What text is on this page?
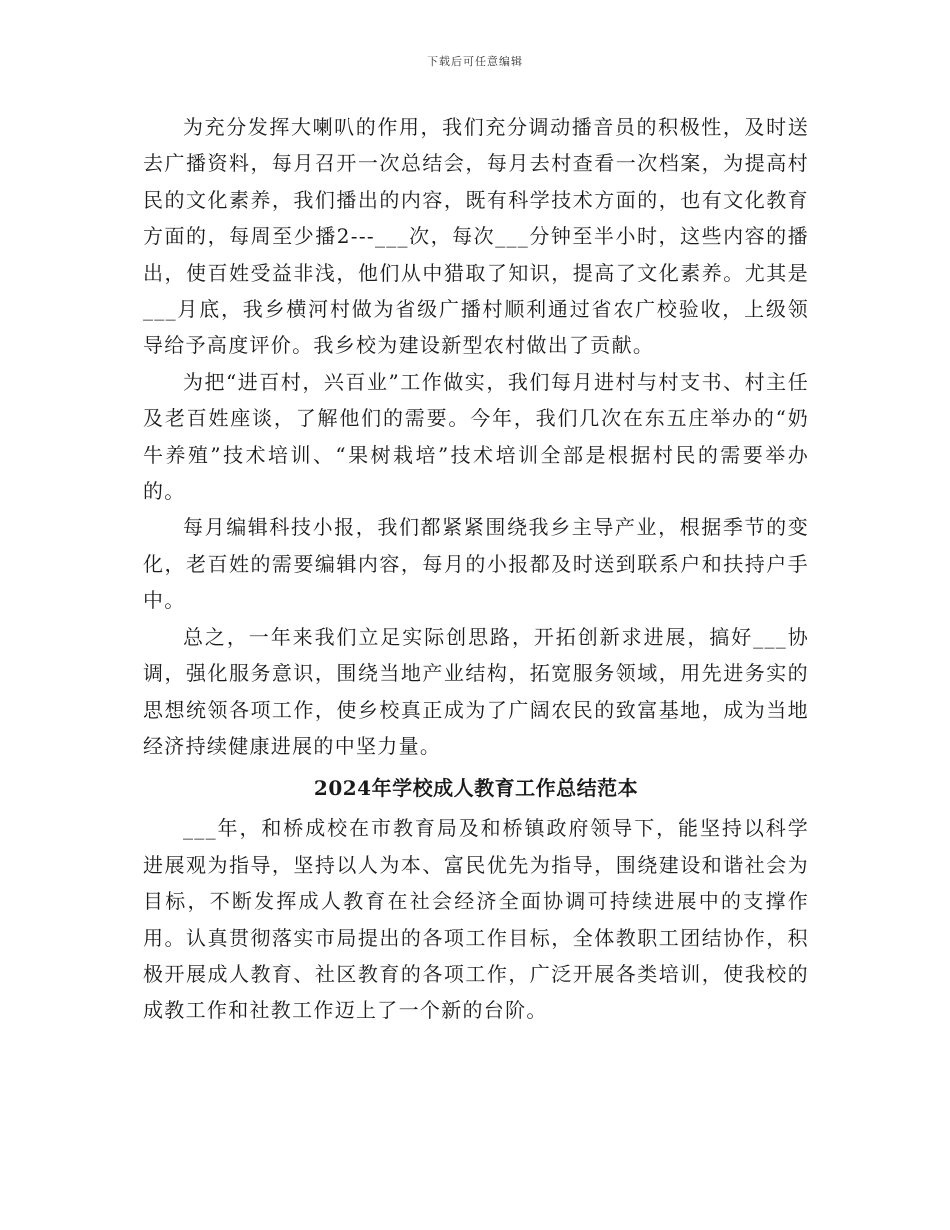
下载后可任意编辑

为充分发挥大喇叭的作用，我们充分调动播音员的积极性，及时送去广播资料，每月召开一次总结会，每月去村查看一次档案，为提高村民的文化素养，我们播出的内容，既有科学技术方面的，也有文化教育方面的，每周至少播2---___次，每次___分钟至半小时，这些内容的播出，使百姓受益非浅，他们从中猎取了知识，提高了文化素养。尤其是___月底，我乡横河村做为省级广播村顺利通过省农广校验收，上级领导给予高度评价。我乡校为建设新型农村做出了贡献。

为把“进百村，兴百业”工作做实，我们每月进村与村支书、村主任及老百姓座谈，了解他们的需要。今年，我们几次在东五庄举办的“奶牛养殖”技术培训、“果树栽培”技术培训全部是根据村民的需要举办的。

每月编辑科技小报，我们都紧紧围绕我乡主导产业，根据季节的变化，老百姓的需要编辑内容，每月的小报都及时送到联系户和扶持户手中。

总之，一年来我们立足实际创思路，开拓创新求进展，搞好___协调，强化服务意识，围绕当地产业结构，拓宽服务领域，用先进务实的思想统领各项工作，使乡校真正成为了广阔农民的致富基地，成为当地经济持续健康进展的中坚力量。

2024年学校成人教育工作总结范本

___年，和桥成校在市教育局及和桥镇政府领导下，能坚持以科学进展观为指导，坚持以人为本、富民优先为指导，围绕建设和谐社会为目标，不断发挥成人教育在社会经济全面协调可持续进展中的支撑作用。认真贯彻落实市局提出的各项工作目标，全体教职工团结协作，积极开展成人教育、社区教育的各项工作，广泛开展各类培训，使我校的成教工作和社教工作迈上了一个新的台阶。
